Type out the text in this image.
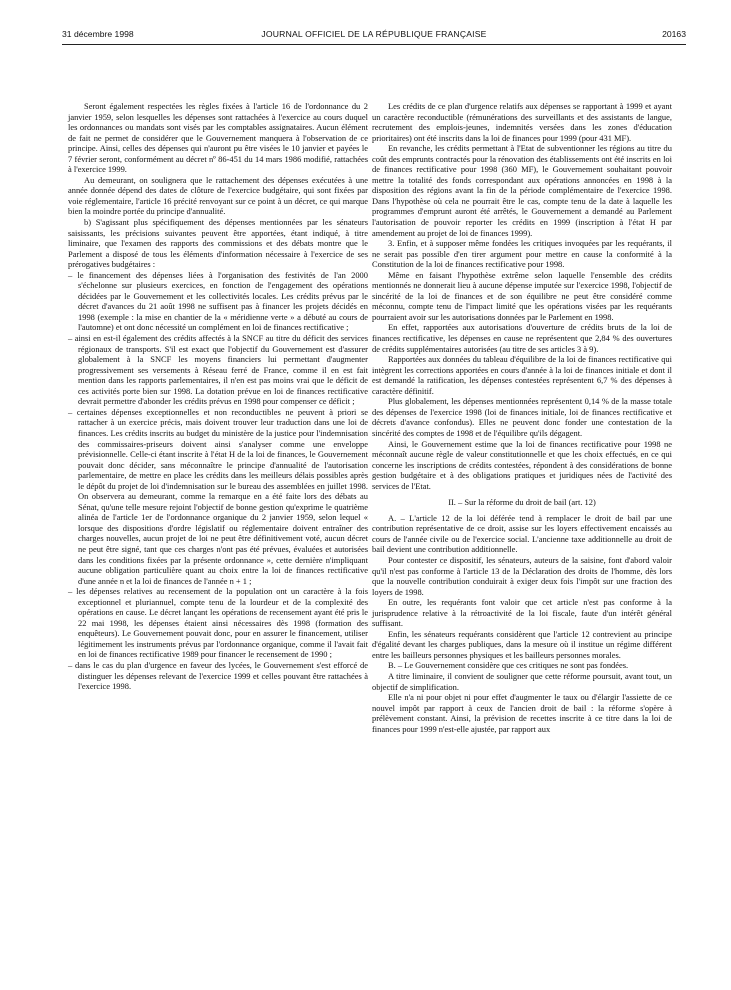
31 décembre 1998	JOURNAL OFFICIEL DE LA RÉPUBLIQUE FRANÇAISE	20163

Seront également respectées les règles fixées à l'article 16 de l'ordonnance du 2 janvier 1959, selon lesquelles les dépenses sont rattachées à l'exercice au cours duquel les ordonnances ou mandats sont visés par les comptables assignataires. Aucun élément de fait ne permet de considérer que le Gouvernement manquera à l'observation de ce principe. Ainsi, celles des dépenses qui n'auront pu être visées le 10 janvier et payées le 7 février seront, conformément au décret nº 86-451 du 14 mars 1986 modifié, rattachées à l'exercice 1999.

Au demeurant, on soulignera que le rattachement des dépenses exécutées à une année donnée dépend des dates de clôture de l'exercice budgétaire, qui sont fixées par voie réglementaire, l'article 16 précité renvoyant sur ce point à un décret, ce qui marque bien la moindre portée du principe d'annualité.

b) S'agissant plus spécifiquement des dépenses mentionnées par les sénateurs saisissants, les précisions suivantes peuvent être apportées, étant indiqué, à titre liminaire, que l'examen des rapports des commissions et des débats montre que le Parlement a disposé de tous les éléments d'information nécessaire à l'exercice de ses prérogatives budgétaires :

– le financement des dépenses liées à l'organisation des festivités de l'an 2000 s'échelonne sur plusieurs exercices, en fonction de l'engagement des opérations décidées par le Gouvernement et les collectivités locales. Les crédits prévus par le décret d'avances du 21 août 1998 ne suffisent pas à financer les projets décidés en 1998 (exemple : la mise en chantier de la « méridienne verte » a débuté au cours de l'automne) et ont donc nécessité un complément en loi de finances rectificative ;

– ainsi en est-il également des crédits affectés à la SNCF au titre du déficit des services régionaux de transports. S'il est exact que l'objectif du Gouvernement est d'assurer globalement à la SNCF les moyens financiers lui permettant d'augmenter progressivement ses versements à Réseau ferré de France, comme il en est fait mention dans les rapports parlementaires, il n'en est pas moins vrai que le déficit de ces activités porte bien sur 1998. La dotation prévue en loi de finances rectificative devrait permettre d'abonder les crédits prévus en 1998 pour compenser ce déficit ;

– certaines dépenses exceptionnelles et non reconductibles ne peuvent à priori se rattacher à un exercice précis, mais doivent trouver leur traduction dans une loi de finances. Les crédits inscrits au budget du ministère de la justice pour l'indemnisation des commissaires-priseurs doivent ainsi s'analyser comme une enveloppe prévisionnelle. Celle-ci étant inscrite à l'état H de la loi de finances, le Gouvernement pouvait donc décider, sans méconnaître le principe d'annualité de l'autorisation parlementaire, de mettre en place les crédits dans les meilleurs délais possibles après le dépôt du projet de loi d'indemnisation sur le bureau des assemblées en juillet 1998. On observera au demeurant, comme la remarque en a été faite lors des débats au Sénat, qu'une telle mesure rejoint l'objectif de bonne gestion qu'exprime le quatrième alinéa de l'article 1er de l'ordonnance organique du 2 janvier 1959, selon lequel « lorsque des dispositions d'ordre législatif ou réglementaire doivent entraîner des charges nouvelles, aucun projet de loi ne peut être définitivement voté, aucun décret ne peut être signé, tant que ces charges n'ont pas été prévues, évaluées et autorisées dans les conditions fixées par la présente ordonnance », cette dernière n'impliquant aucune obligation particulière quant au choix entre la loi de finances rectificative d'une année n et la loi de finances de l'année n + 1 ;

– les dépenses relatives au recensement de la population ont un caractère à la fois exceptionnel et pluriannuel, compte tenu de la lourdeur et de la complexité des opérations en cause. Le décret lançant les opérations de recensement ayant été pris le 22 mai 1998, les dépenses étaient ainsi nécessaires dès 1998 (formation des enquêteurs). Le Gouvernement pouvait donc, pour en assurer le financement, utiliser légitimement les instruments prévus par l'ordonnance organique, comme il l'avait fait en loi de finances rectificative 1989 pour financer le recensement de 1990 ;

– dans le cas du plan d'urgence en faveur des lycées, le Gouvernement s'est efforcé de distinguer les dépenses relevant de l'exercice 1999 et celles pouvant être rattachées à l'exercice 1998.

Les crédits de ce plan d'urgence relatifs aux dépenses se rapportant à 1999 et ayant un caractère reconductible (rémunérations des surveillants et des assistants de langue, recrutement des emplois-jeunes, indemnités versées dans les zones d'éducation prioritaires) ont été inscrits dans la loi de finances pour 1999 (pour 431 MF).

En revanche, les crédits permettant à l'Etat de subventionner les régions au titre du coût des emprunts contractés pour la rénovation des établissements ont été inscrits en loi de finances rectificative pour 1998 (360 MF), le Gouvernement souhaitant pouvoir mettre la totalité des fonds correspondant aux opérations annoncées en 1998 à la disposition des régions avant la fin de la période complémentaire de l'exercice 1998. Dans l'hypothèse où cela ne pourrait être le cas, compte tenu de la date à laquelle les programmes d'emprunt auront été arrêtés, le Gouvernement a demandé au Parlement l'autorisation de pouvoir reporter les crédits en 1999 (inscription à l'état H par amendement au projet de loi de finances 1999).

3. Enfin, et à supposer même fondées les critiques invoquées par les requérants, il ne serait pas possible d'en tirer argument pour mettre en cause la conformité à la Constitution de la loi de finances rectificative pour 1998.

Même en faisant l'hypothèse extrême selon laquelle l'ensemble des crédits mentionnés ne donnerait lieu à aucune dépense imputée sur l'exercice 1998, l'objectif de sincérité de la loi de finances et de son équilibre ne peut être considéré comme méconnu, compte tenu de l'impact limité que les opérations visées par les requérants pourraient avoir sur les autorisations données par le Parlement en 1998.

En effet, rapportées aux autorisations d'ouverture de crédits bruts de la loi de finances rectificative, les dépenses en cause ne représentent que 2,84 % des ouvertures de crédits supplémentaires autorisées (au titre de ses articles 3 à 9).

Rapportées aux données du tableau d'équilibre de la loi de finances rectificative qui intègrent les corrections apportées en cours d'année à la loi de finances initiale et dont il est demandé la ratification, les dépenses contestées représentent 6,7 % des dépenses à caractère définitif.

Plus globalement, les dépenses mentionnées représentent 0,14 % de la masse totale des dépenses de l'exercice 1998 (loi de finances initiale, loi de finances rectificative et décrets d'avance confondus). Elles ne peuvent donc fonder une contestation de la sincérité des comptes de 1998 et de l'équilibre qu'ils dégagent.

Ainsi, le Gouvernement estime que la loi de finances rectificative pour 1998 ne méconnaît aucune règle de valeur constitutionnelle et que les choix effectués, en ce qui concerne les inscriptions de crédits contestées, répondent à des considérations de bonne gestion budgétaire et à des obligations pratiques et juridiques nées de l'activité des services de l'Etat.

II. – Sur la réforme du droit de bail (art. 12)

A. – L'article 12 de la loi déférée tend à remplacer le droit de bail par une contribution représentative de ce droit, assise sur les loyers effectivement encaissés au cours de l'année civile ou de l'exercice social. L'ancienne taxe additionnelle au droit de bail devient une contribution additionnelle.

Pour contester ce dispositif, les sénateurs, auteurs de la saisine, font d'abord valoir qu'il n'est pas conforme à l'article 13 de la Déclaration des droits de l'homme, dès lors que la nouvelle contribution conduirait à exiger deux fois l'impôt sur une fraction des loyers de 1998.

En outre, les requérants font valoir que cet article n'est pas conforme à la jurisprudence relative à la rétroactivité de la loi fiscale, faute d'un intérêt général suffisant.

Enfin, les sénateurs requérants considèrent que l'article 12 contrevient au principe d'égalité devant les charges publiques, dans la mesure où il institue un régime différent entre les bailleurs personnes physiques et les bailleurs personnes morales.

B. – Le Gouvernement considère que ces critiques ne sont pas fondées.

A titre liminaire, il convient de souligner que cette réforme poursuit, avant tout, un objectif de simplification.

Elle n'a ni pour objet ni pour effet d'augmenter le taux ou d'élargir l'assiette de ce nouvel impôt par rapport à ceux de l'ancien droit de bail : la réforme s'opère à prélèvement constant. Ainsi, la prévision de recettes inscrite à ce titre dans la loi de finances pour 1999 n'est-elle ajustée, par rapport aux
